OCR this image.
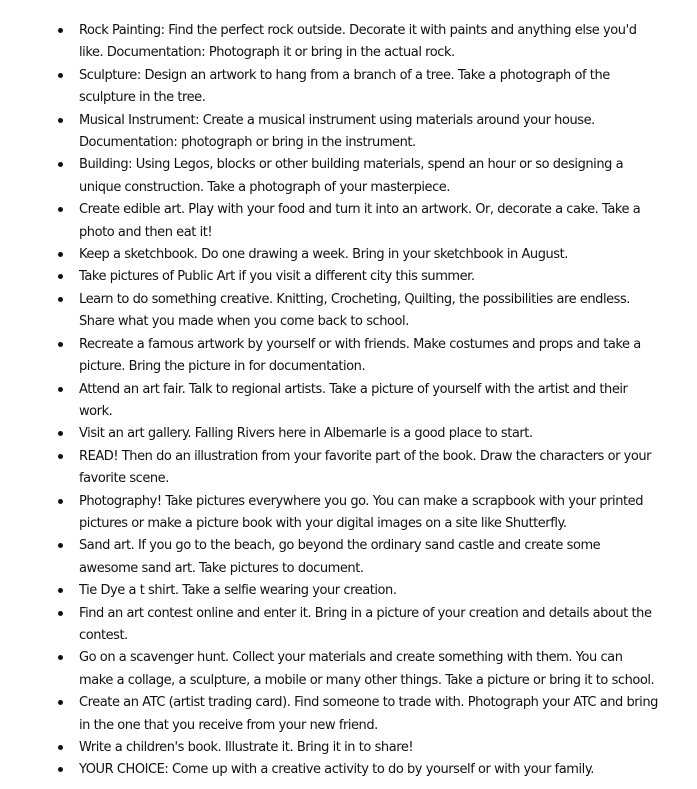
Rock Painting: Find the perfect rock outside. Decorate it with paints and anything else you'd like. Documentation: Photograph it or bring in the actual rock.
Sculpture: Design an artwork to hang from a branch of a tree. Take a photograph of the sculpture in the tree.
Musical Instrument: Create a musical instrument using materials around your house. Documentation: photograph or bring in the instrument.
Building: Using Legos, blocks or other building materials, spend an hour or so designing a unique construction. Take a photograph of your masterpiece.
Create edible art. Play with your food and turn it into an artwork. Or, decorate a cake. Take a photo and then eat it!
Keep a sketchbook. Do one drawing a week. Bring in your sketchbook in August.
Take pictures of Public Art if you visit a different city this summer.
Learn to do something creative. Knitting, Crocheting, Quilting, the possibilities are endless. Share what you made when you come back to school.
Recreate a famous artwork by yourself or with friends. Make costumes and props and take a picture. Bring the picture in for documentation.
Attend an art fair. Talk to regional artists. Take a picture of yourself with the artist and their work.
Visit an art gallery. Falling Rivers here in Albemarle is a good place to start.
READ! Then do an illustration from your favorite part of the book. Draw the characters or your favorite scene.
Photography! Take pictures everywhere you go. You can make a scrapbook with your printed pictures or make a picture book with your digital images on a site like Shutterfly.
Sand art. If you go to the beach, go beyond the ordinary sand castle and create some awesome sand art. Take pictures to document.
Tie Dye a t shirt. Take a selfie wearing your creation.
Find an art contest online and enter it. Bring in a picture of your creation and details about the contest.
Go on a scavenger hunt. Collect your materials and create something with them. You can make a collage, a sculpture, a mobile or many other things. Take a picture or bring it to school.
Create an ATC (artist trading card). Find someone to trade with. Photograph your ATC and bring in the one that you receive from your new friend.
Write a children's book. Illustrate it. Bring it in to share!
YOUR CHOICE: Come up with a creative activity to do by yourself or with your family.
